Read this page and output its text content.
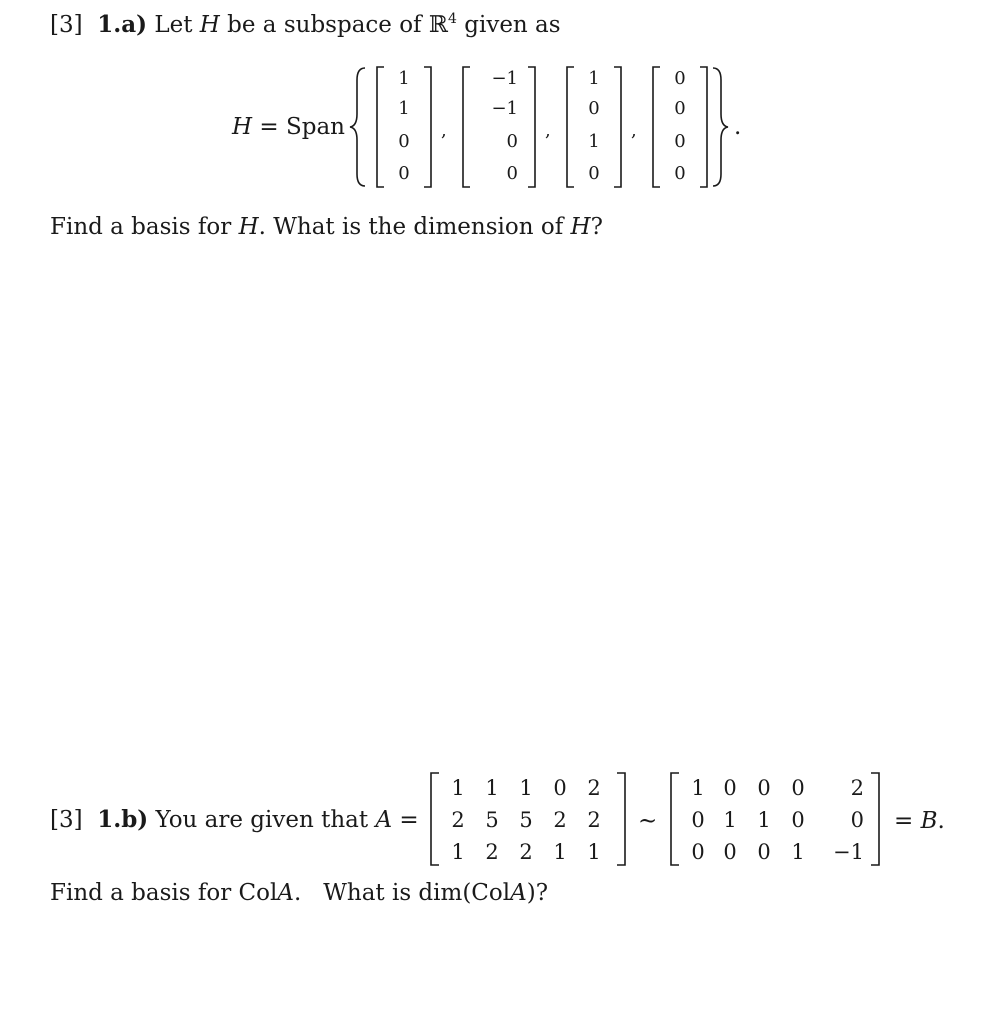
[3] 1.a) Let H be a subspace of ℝ$^4$ given as
H = Span	.
1
1
0
0
,
−1
−1
0
0
,
1
0
1
0
,
0
0
0
0
Find a basis for H. What is the dimension of H?
[3] 1.b) You are given that A =
1 1 1 0 2
2 5 5 2 2
1 2 2 1 1
∼
1 0 0 0	2
0 1 1 0	0
0 0 0 1	−1
= B.
Find a basis for ColA.   What is dim(ColA)?
